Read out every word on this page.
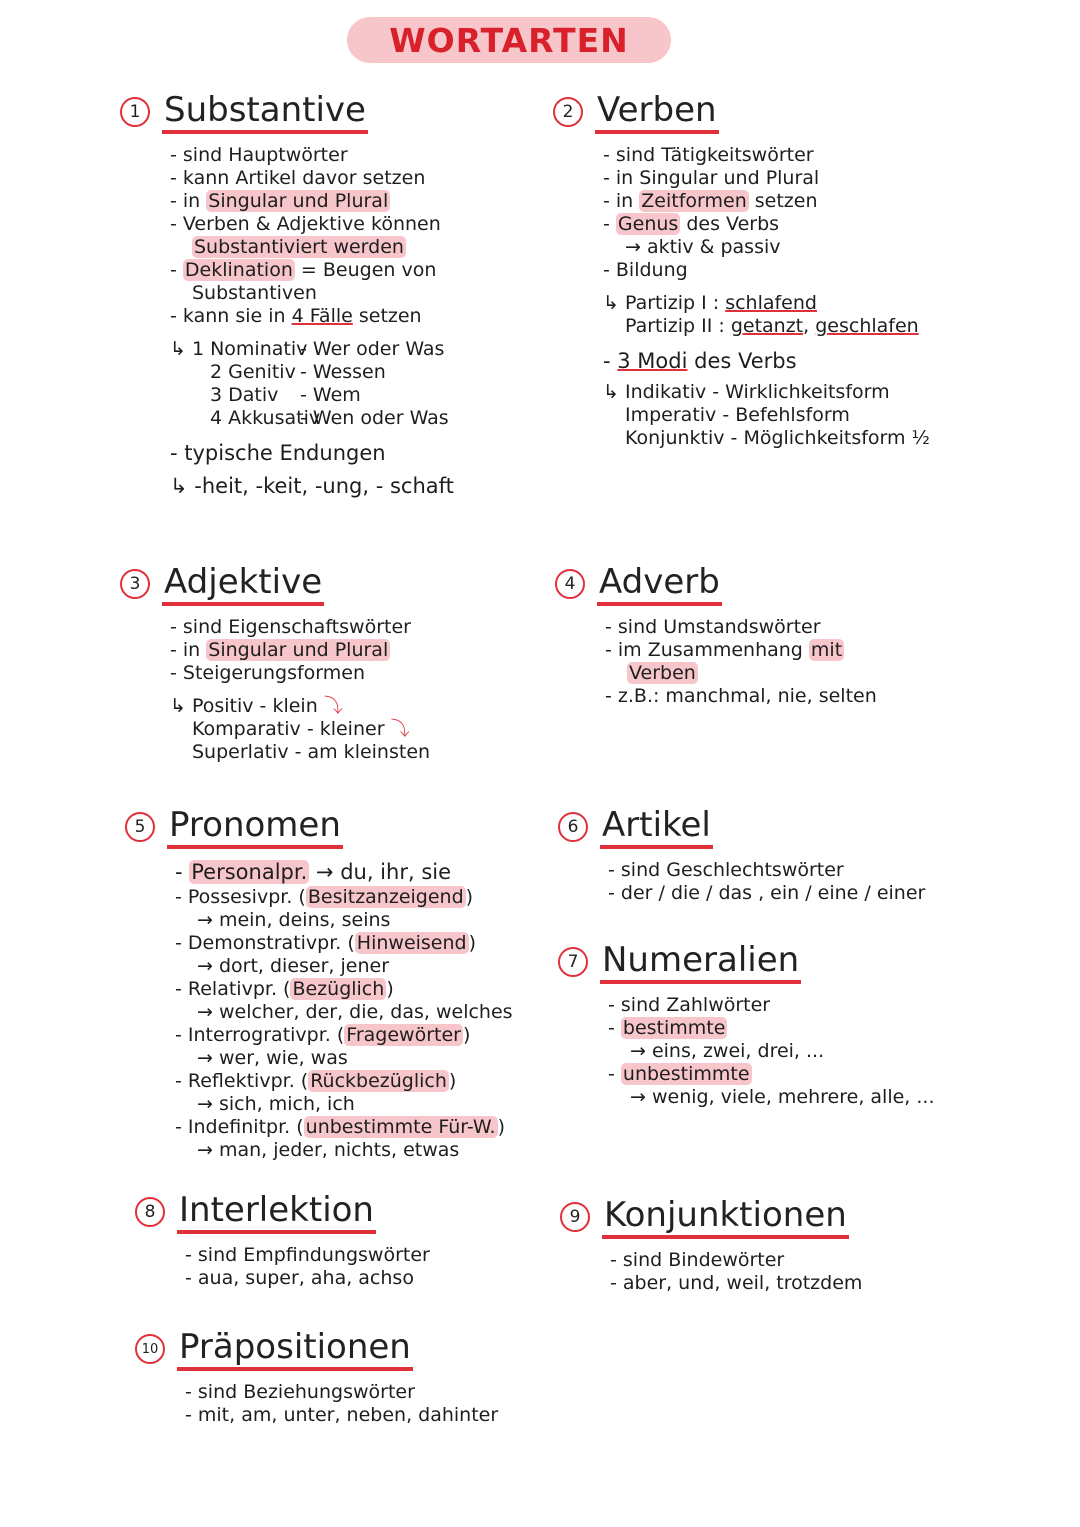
WORTARTEN
1 Substantive
- sind Hauptwörter
- kann Artikel davor setzen
- in Singular und Plural
- Verben & Adjektive können
Substantiviert werden
- Deklination = Beugen von
Substantiven
- kann sie in 4 Fälle setzen
↳ 1 Nominativ
- Wer oder Was
2 Genitiv - Wessen
3 Dativ	- Wem
4 Akkusativ
- Wen oder Was
- typische Endungen
↳ -heit, -keit, -ung, - schaft
2 Verben
- sind Tätigkeitswörter
- in Singular und Plural
- in Zeitformen setzen
- Genus des Verbs
→ aktiv & passiv
- Bildung
↳ Partizip I : schlafend
Partizip II : getanzt, geschlafen
- 3 Modi des Verbs
↳ Indikativ - Wirklichkeitsform
Imperativ - Befehlsform
Konjunktiv - Möglichkeitsform ½
3 Adjektive
- sind Eigenschaftswörter
- in Singular und Plural
- Steigerungsformen
↳ Positiv - klein ⤵
Komparativ - kleiner ⤵
Superlativ - am kleinsten
4 Adverb
- sind Umstandswörter
- im Zusammenhang mit
Verben
- z.B.: manchmal, nie, selten
5 Pronomen
- Personalpr. → du, ihr, sie
- Possesivpr. ( Besitzanzeigend )
→ mein, deins, seins
- Demonstrativpr. ( Hinweisend )
→ dort, dieser, jener
- Relativpr. ( Bezüglich )
→ welcher, der, die, das, welches
- Interrogrativpr. ( Fragewörter )
→ wer, wie, was
- Reflektivpr. ( Rückbezüglich )
→ sich, mich, ich
- Indefinitpr. ( unbestimmte Für-W. )
→ man, jeder, nichts, etwas
6 Artikel
- sind Geschlechtswörter
- der / die / das , ein / eine / einer
7 Numeralien
- sind Zahlwörter
- bestimmte
→ eins, zwei, drei, ...
- unbestimmte
→ wenig, viele, mehrere, alle, ...
8 Interlektion
- sind Empfindungswörter
- aua, super, aha, achso
9 Konjunktionen
- sind Bindewörter
- aber, und, weil, trotzdem
10 Präpositionen
- sind Beziehungswörter
- mit, am, unter, neben, dahinter
